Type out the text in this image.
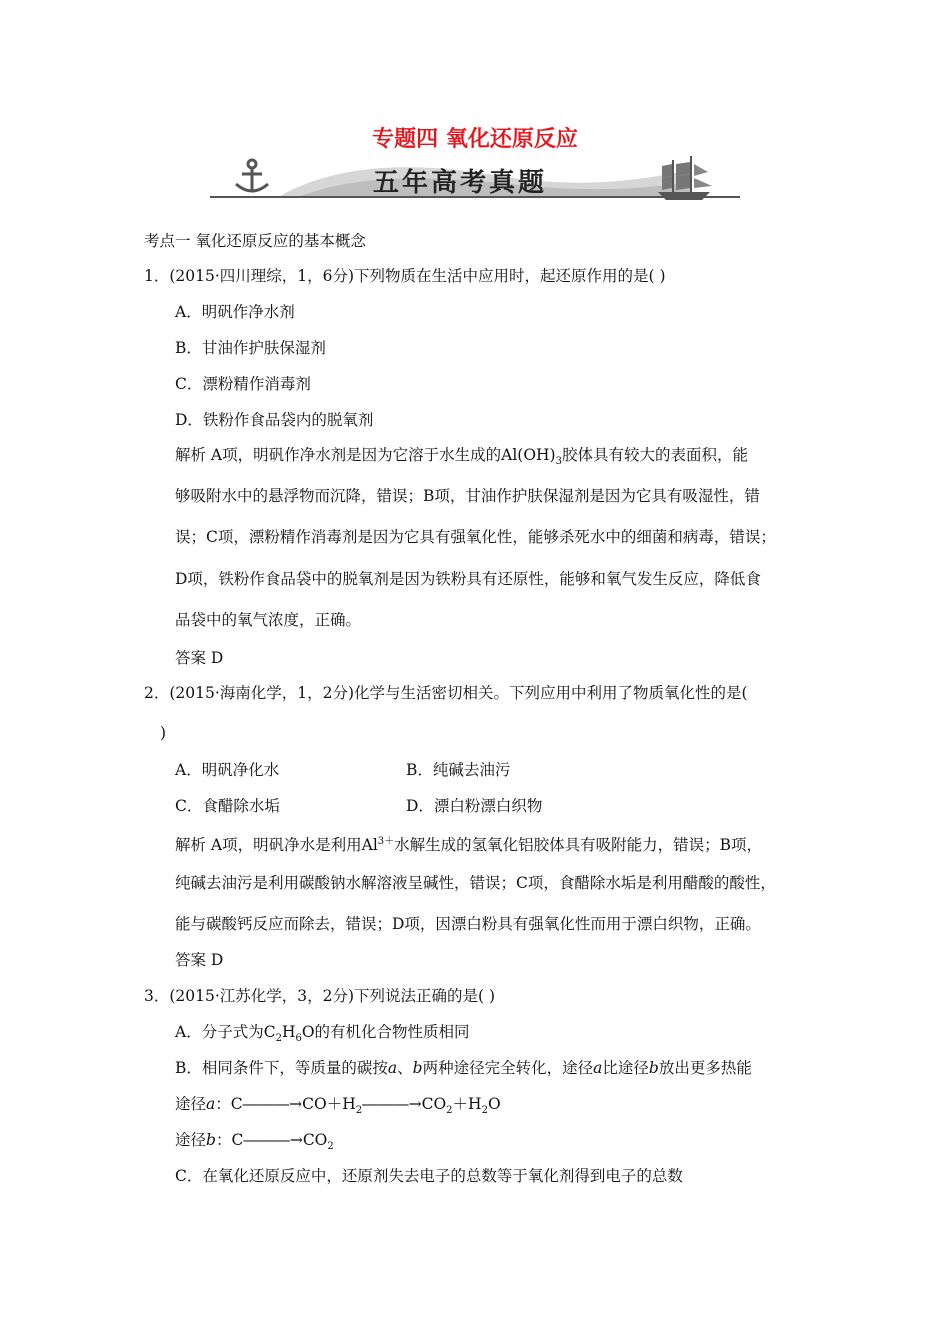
专题四 氧化还原反应
五年高考真题
考点一 氧化还原反应的基本概念
1．(2015·四川理综，1，6分)下列物质在生活中应用时，起还原作用的是( )
A．明矾作净水剂
B．甘油作护肤保湿剂
C．漂粉精作消毒剂
D．铁粉作食品袋内的脱氧剂
解析 A项，明矾作净水剂是因为它溶于水生成的$Al(OH)_3$胶体具有较大的表面积，能
够吸附水中的悬浮物而沉降，错误；B项，甘油作护肤保湿剂是因为它具有吸湿性，错
误；C项，漂粉精作消毒剂是因为它具有强氧化性，能够杀死水中的细菌和病毒，错误；
D项，铁粉作食品袋中的脱氧剂是因为铁粉具有还原性，能够和氧气发生反应，降低食
品袋中的氧气浓度，正确。
答案 D
2．(2015·海南化学，1，2分)化学与生活密切相关。下列应用中利用了物质氧化性的是(
)
A．明矾净化水	B．纯碱去油污
C．食醋除水垢	D．漂白粉漂白织物
解析 A项，明矾净水是利用$Al^{3+}$水解生成的氢氧化铝胶体具有吸附能力，错误；B项，
纯碱去油污是利用碳酸钠水解溶液呈碱性，错误；C项，食醋除水垢是利用醋酸的酸性，
能与碳酸钙反应而除去，错误；D项，因漂白粉具有强氧化性而用于漂白织物，正确。
答案 D
3．(2015·江苏化学，3，2分)下列说法正确的是( )
A．分子式为$C_2H_6O$的有机化合物性质相同
B．相同条件下，等质量的碳按a、b两种途径完全转化，途径a比途径b放出更多热能
途径a：$C―――\to CO+H_2―――\to CO_2+H_2O$
途径b：$C―――\to CO_2$
C．在氧化还原反应中，还原剂失去电子的总数等于氧化剂得到电子的总数
